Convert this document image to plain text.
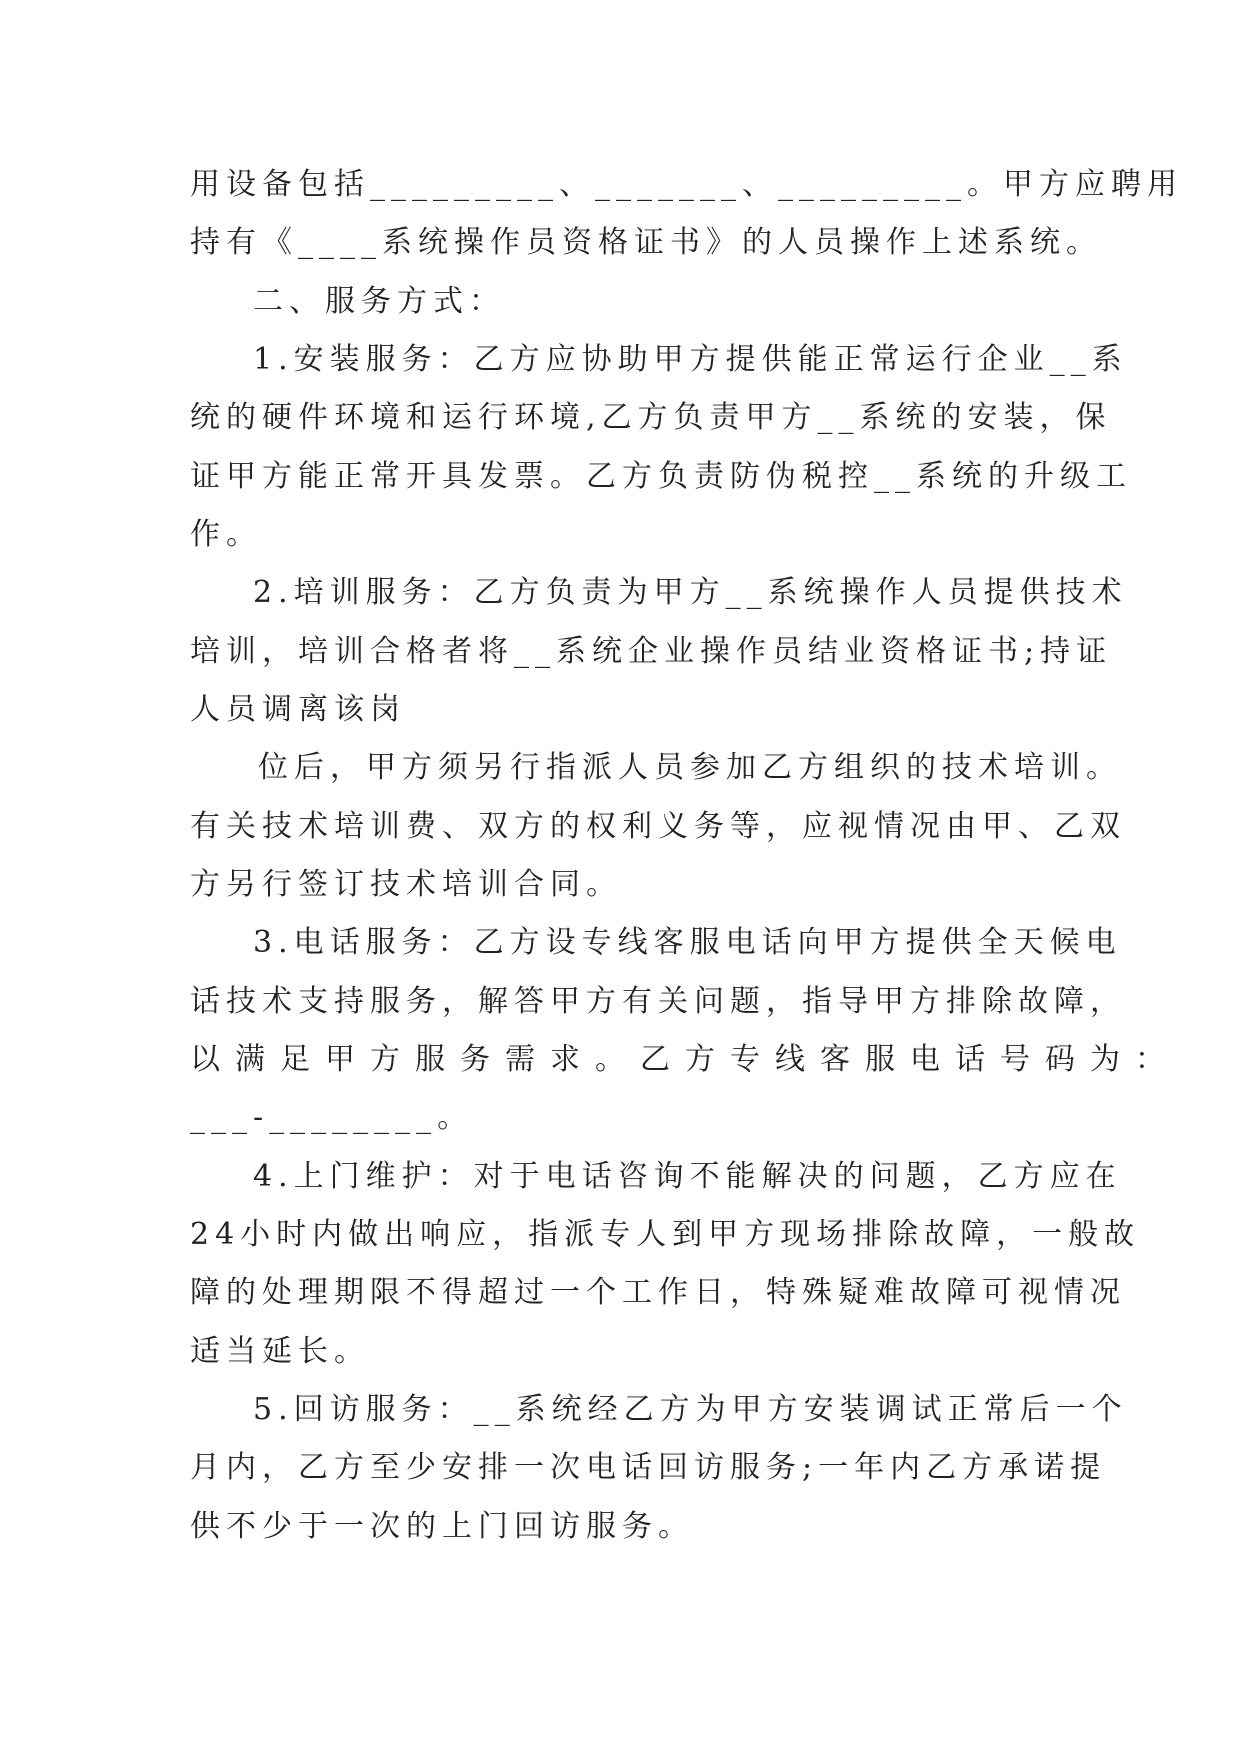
用设备包括_________、_______、_________。甲方应聘用

持有《____系统操作员资格证书》的人员操作上述系统。

二、服务方式：

1.安装服务：乙方应协助甲方提供能正常运行企业__系

统的硬件环境和运行环境,乙方负责甲方__系统的安装，保

证甲方能正常开具发票。乙方负责防伪税控__系统的升级工

作。

2.培训服务：乙方负责为甲方__系统操作人员提供技术

培训，培训合格者将__系统企业操作员结业资格证书;持证

人员调离该岗

位后，甲方须另行指派人员参加乙方组织的技术培训。

有关技术培训费、双方的权利义务等，应视情况由甲、乙双

方另行签订技术培训合同。

3.电话服务：乙方设专线客服电话向甲方提供全天候电

话技术支持服务，解答甲方有关问题，指导甲方排除故障，

以满足甲方服务需求。乙方专线客服电话号码为：

___-________。

4.上门维护：对于电话咨询不能解决的问题，乙方应在

24小时内做出响应，指派专人到甲方现场排除故障，一般故

障的处理期限不得超过一个工作日，特殊疑难故障可视情况

适当延长。

5.回访服务：__系统经乙方为甲方安装调试正常后一个

月内，乙方至少安排一次电话回访服务;一年内乙方承诺提

供不少于一次的上门回访服务。
